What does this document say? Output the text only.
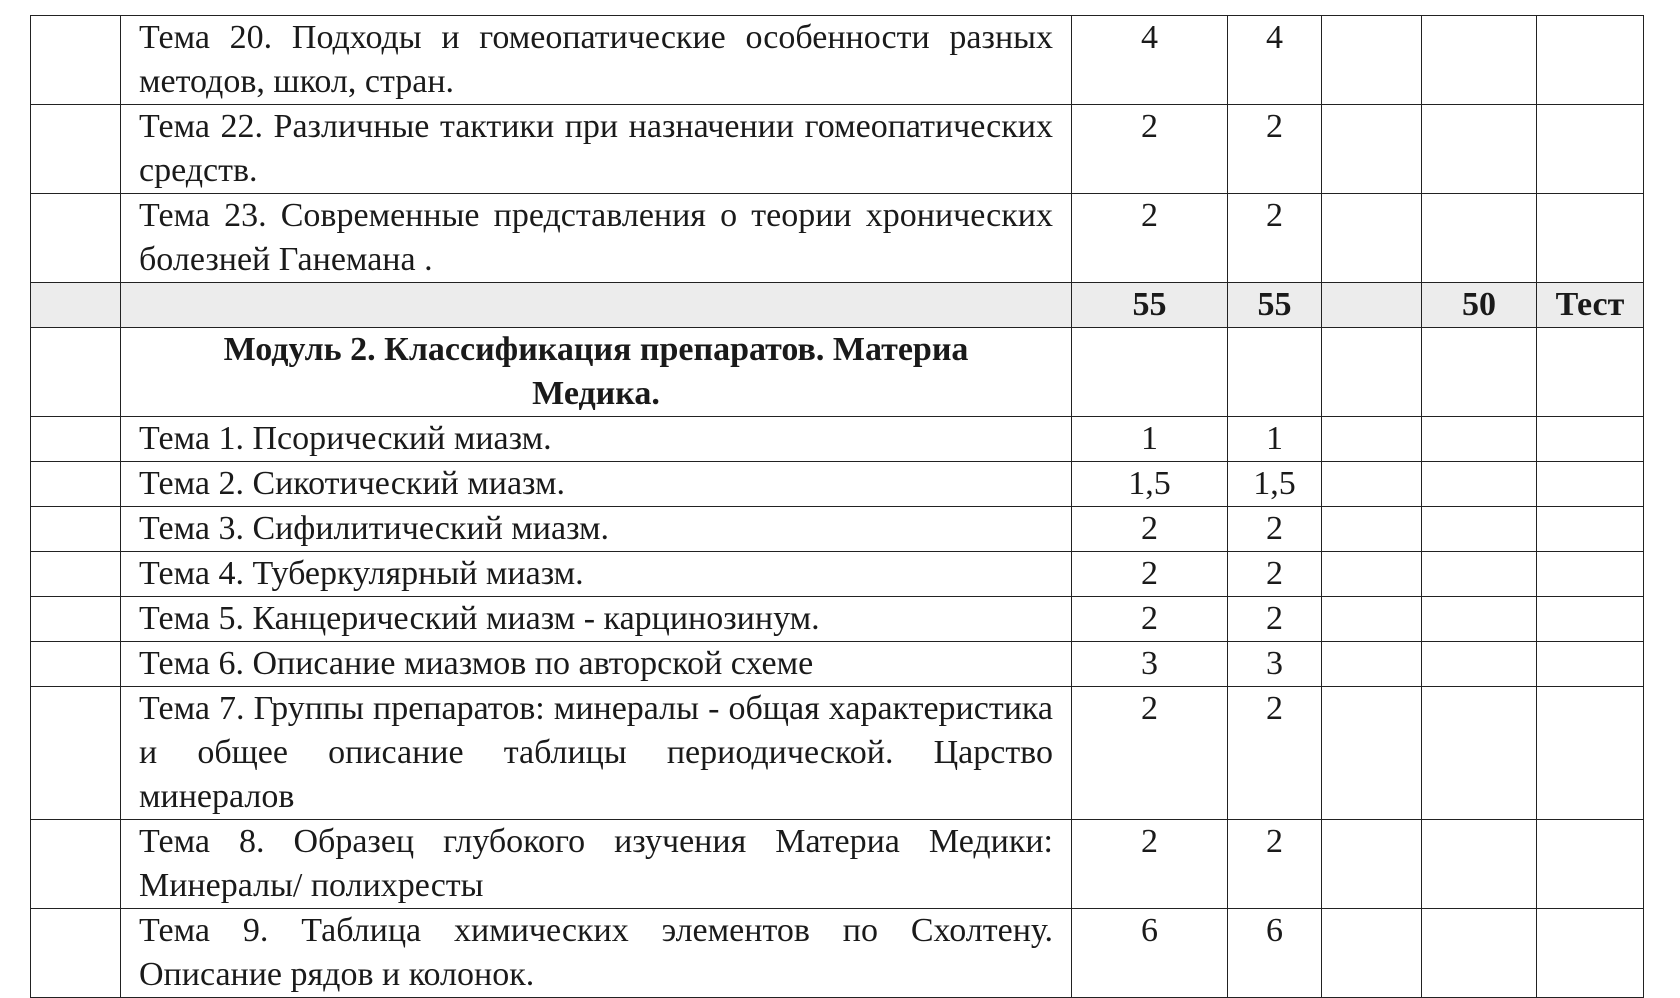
	Тема 20. Подходы и гомеопатические особенности разных методов, школ, стран.	4	4			
	Тема 22. Различные тактики при назначении гомеопатических средств.	2	2			
	Тема 23. Современные представления о теории хронических болезней Ганемана .	2	2			
		55	55		50	Тест
	Модуль 2. Классификация препаратов. Материа Медика.					
	Тема 1. Псорический миазм.	1	1			
	Тема 2. Сикотический миазм.	1,5	1,5			
	Тема 3. Сифилитический миазм.	2	2			
	Тема 4. Туберкулярный миазм.	2	2			
	Тема 5. Канцерический миазм - карцинозинум.	2	2			
	Тема 6. Описание миазмов по авторской схеме	3	3			
	Тема 7. Группы препаратов: минералы - общая характеристика и общее описание таблицы периодической. Царство минералов	2	2			
	Тема 8. Образец глубокого изучения Материа Медики: Минералы/ полихресты	2	2			
	Тема 9. Таблица химических элементов по Схолтену. Описание рядов и колонок.	6	6			
